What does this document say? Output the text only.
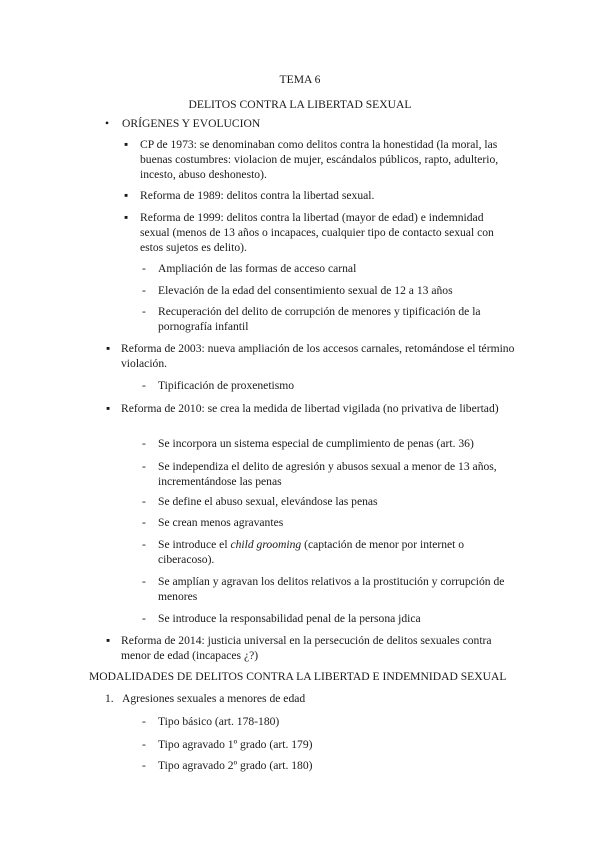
TEMA 6
DELITOS CONTRA LA LIBERTAD SEXUAL
• ORÍGENES Y EVOLUCION
▪ CP de 1973: se denominaban como delitos contra la honestidad (la moral, las buenas costumbres: violacion de mujer, escándalos públicos, rapto, adulterio, incesto, abuso deshonesto).
▪ Reforma de 1989: delitos contra la libertad sexual.
▪ Reforma de 1999: delitos contra la libertad (mayor de edad) e indemnidad sexual (menos de 13 años o incapaces, cualquier tipo de contacto sexual con estos sujetos es delito).
- Ampliación de las formas de acceso carnal
- Elevación de la edad del consentimiento sexual de 12 a 13 años
- Recuperación del delito de corrupción de menores y tipificación de la pornografía infantil
▪ Reforma de 2003: nueva ampliación de los accesos carnales, retomándose el término violación.
- Tipificación de proxenetismo
▪ Reforma de 2010: se crea la medida de libertad vigilada (no privativa de libertad)
- Se incorpora un sistema especial de cumplimiento de penas (art. 36)
- Se independiza el delito de agresión y abusos sexual a menor de 13 años, incrementándose las penas
- Se define el abuso sexual, elevándose las penas
- Se crean menos agravantes
- Se introduce el child grooming (captación de menor por internet o ciberacoso).
- Se amplían y agravan los delitos relativos a la prostitución y corrupción de menores
- Se introduce la responsabilidad penal de la persona jdica
▪ Reforma de 2014: justicia universal en la persecución de delitos sexuales contra menor de edad (incapaces ¿?)
MODALIDADES DE DELITOS CONTRA LA LIBERTAD E INDEMNIDAD SEXUAL
1. Agresiones sexuales a menores de edad
- Tipo básico (art. 178-180)
- Tipo agravado 1º grado (art. 179)
- Tipo agravado 2º grado (art. 180)
